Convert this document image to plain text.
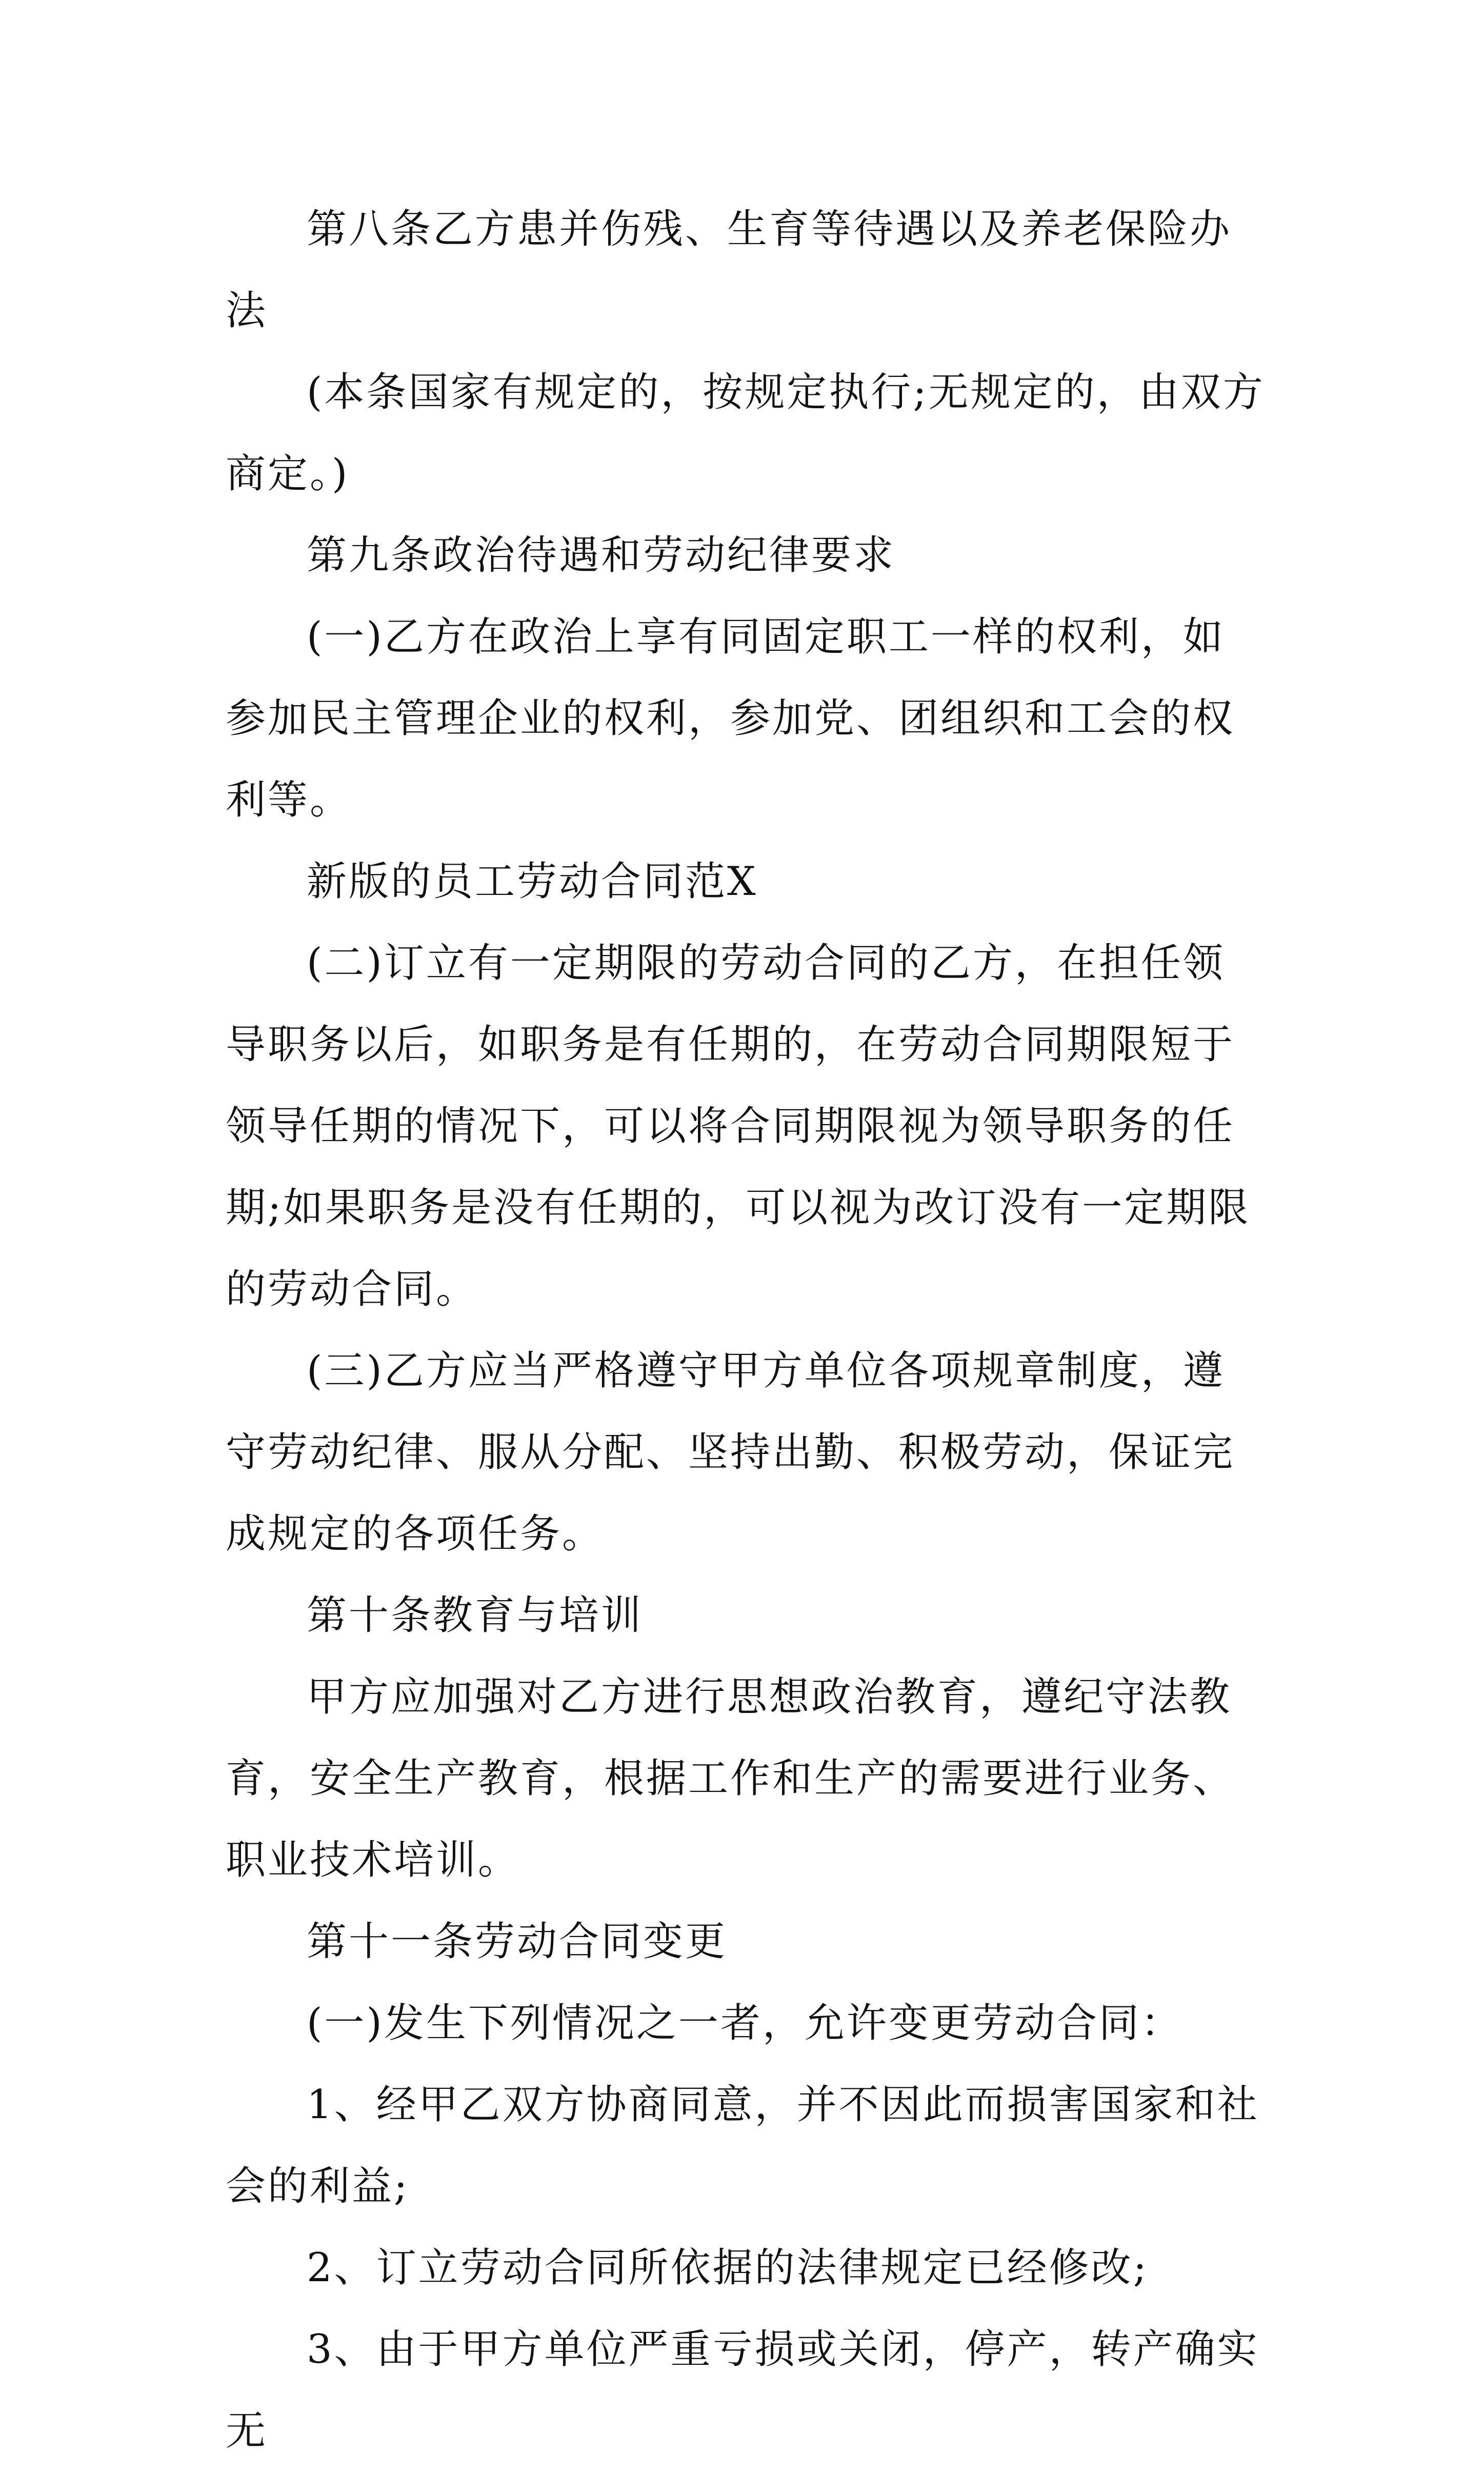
第八条乙方患并伤残、生育等待遇以及养老保险办法

(本条国家有规定的，按规定执行;无规定的，由双方商定。)

第九条政治待遇和劳动纪律要求

(一)乙方在政治上享有同固定职工一样的权利，如参加民主管理企业的权利，参加党、团组织和工会的权利等。

新版的员工劳动合同范X

(二)订立有一定期限的劳动合同的乙方，在担任领导职务以后，如职务是有任期的，在劳动合同期限短于领导任期的情况下，可以将合同期限视为领导职务的任期;如果职务是没有任期的，可以视为改订没有一定期限的劳动合同。

(三)乙方应当严格遵守甲方单位各项规章制度，遵守劳动纪律、服从分配、坚持出勤、积极劳动，保证完成规定的各项任务。

第十条教育与培训

甲方应加强对乙方进行思想政治教育，遵纪守法教育，安全生产教育，根据工作和生产的需要进行业务、职业技术培训。

第十一条劳动合同变更

(一)发生下列情况之一者，允许变更劳动合同：

1、经甲乙双方协商同意，并不因此而损害国家和社会的利益;

2、订立劳动合同所依据的法律规定已经修改;

3、由于甲方单位严重亏损或关闭，停产，转产确实无
